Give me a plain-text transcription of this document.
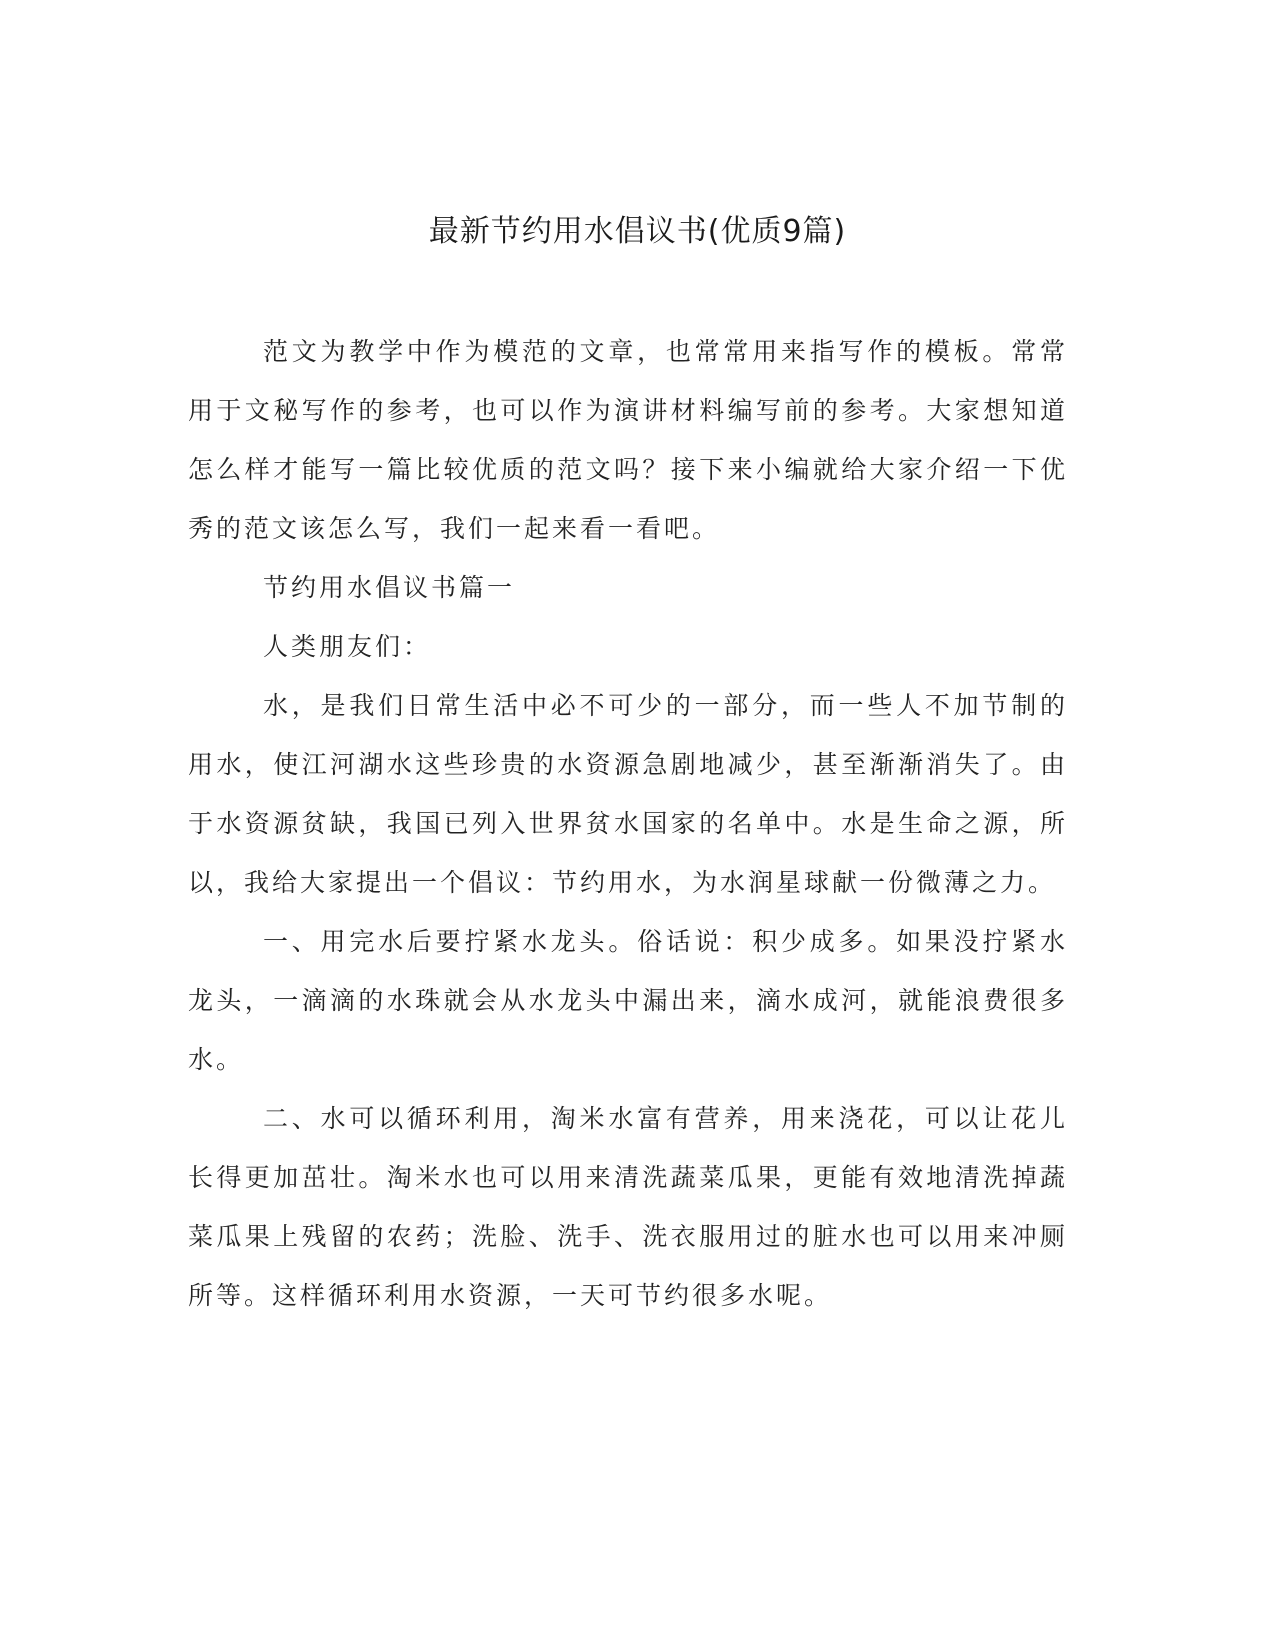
最新节约用水倡议书(优质9篇)

范文为教学中作为模范的文章，也常常用来指写作的模板。常常用于文秘写作的参考，也可以作为演讲材料编写前的参考。大家想知道怎么样才能写一篇比较优质的范文吗？接下来小编就给大家介绍一下优秀的范文该怎么写，我们一起来看一看吧。

节约用水倡议书篇一

人类朋友们：

水，是我们日常生活中必不可少的一部分，而一些人不加节制的用水，使江河湖水这些珍贵的水资源急剧地减少，甚至渐渐消失了。由于水资源贫缺，我国已列入世界贫水国家的名单中。水是生命之源，所以，我给大家提出一个倡议：节约用水，为水润星球献一份微薄之力。

一、用完水后要拧紧水龙头。俗话说：积少成多。如果没拧紧水龙头，一滴滴的水珠就会从水龙头中漏出来，滴水成河，就能浪费很多水。

二、水可以循环利用，淘米水富有营养，用来浇花，可以让花儿长得更加茁壮。淘米水也可以用来清洗蔬菜瓜果，更能有效地清洗掉蔬菜瓜果上残留的农药；洗脸、洗手、洗衣服用过的脏水也可以用来冲厕所等。这样循环利用水资源，一天可节约很多水呢。
